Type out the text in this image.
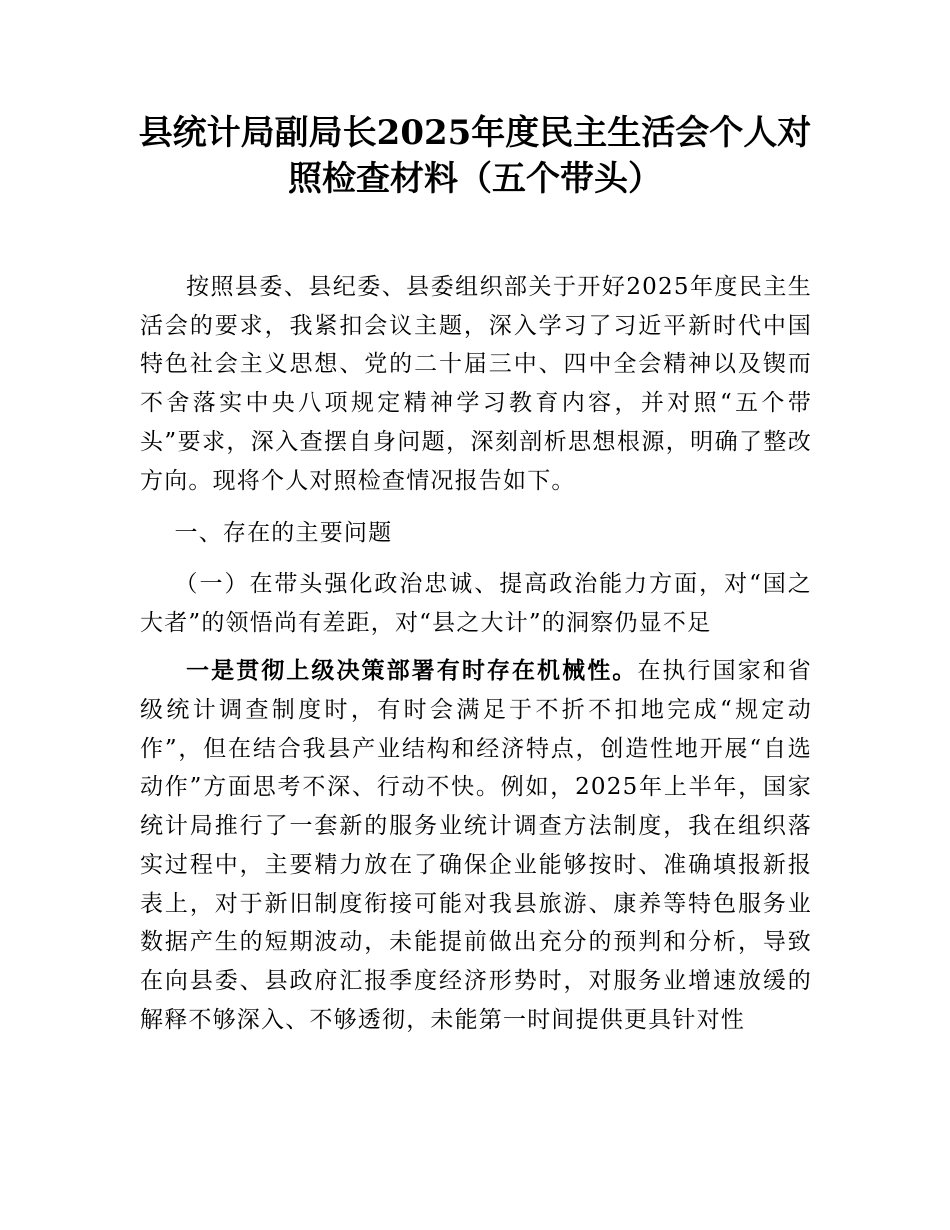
县统计局副局长2025年度民主生活会个人对
照检查材料（五个带头）

按照县委、县纪委、县委组织部关于开好2025年度民主生活会的要求，我紧扣会议主题，深入学习了习近平新时代中国特色社会主义思想、党的二十届三中、四中全会精神以及锲而不舍落实中央八项规定精神学习教育内容，并对照“五个带头”要求，深入查摆自身问题，深刻剖析思想根源，明确了整改方向。现将个人对照检查情况报告如下。

一、存在的主要问题

（一）在带头强化政治忠诚、提高政治能力方面，对“国之大者”的领悟尚有差距，对“县之大计”的洞察仍显不足

一是贯彻上级决策部署有时存在机械性。在执行国家和省级统计调查制度时，有时会满足于不折不扣地完成“规定动作”，但在结合我县产业结构和经济特点，创造性地开展“自选动作”方面思考不深、行动不快。例如，2025年上半年，国家统计局推行了一套新的服务业统计调查方法制度，我在组织落实过程中，主要精力放在了确保企业能够按时、准确填报新报表上，对于新旧制度衔接可能对我县旅游、康养等特色服务业数据产生的短期波动，未能提前做出充分的预判和分析，导致在向县委、县政府汇报季度经济形势时，对服务业增速放缓的解释不够深入、不够透彻，未能第一时间提供更具针对性
